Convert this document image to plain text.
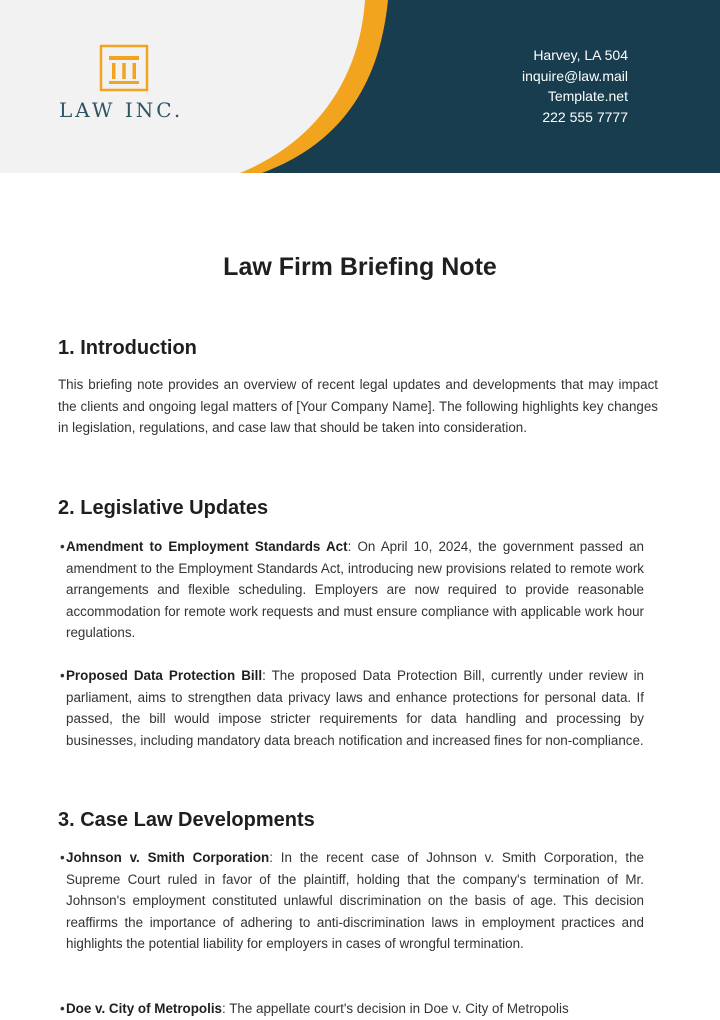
LAW INC.
Harvey, LA 504
inquire@law.mail
Template.net
222 555 7777
Law Firm Briefing Note
1. Introduction

This briefing note provides an overview of recent legal updates and developments that may impact the clients and ongoing legal matters of [Your Company Name]. The following highlights key changes in legislation, regulations, and case law that should be taken into consideration.

2. Legislative Updates

• Amendment to Employment Standards Act: On April 10, 2024, the government passed an amendment to the Employment Standards Act, introducing new provisions related to remote work arrangements and flexible scheduling. Employers are now required to provide reasonable accommodation for remote work requests and must ensure compliance with applicable work hour regulations.

• Proposed Data Protection Bill: The proposed Data Protection Bill, currently under review in parliament, aims to strengthen data privacy laws and enhance protections for personal data. If passed, the bill would impose stricter requirements for data handling and processing by businesses, including mandatory data breach notification and increased fines for non-compliance.

3. Case Law Developments

• Johnson v. Smith Corporation: In the recent case of Johnson v. Smith Corporation, the Supreme Court ruled in favor of the plaintiff, holding that the company's termination of Mr. Johnson's employment constituted unlawful discrimination on the basis of age. This decision reaffirms the importance of adhering to anti-discrimination laws in employment practices and highlights the potential liability for employers in cases of wrongful termination.

• Doe v. City of Metropolis: The appellate court's decision in Doe v. City of Metropolis
